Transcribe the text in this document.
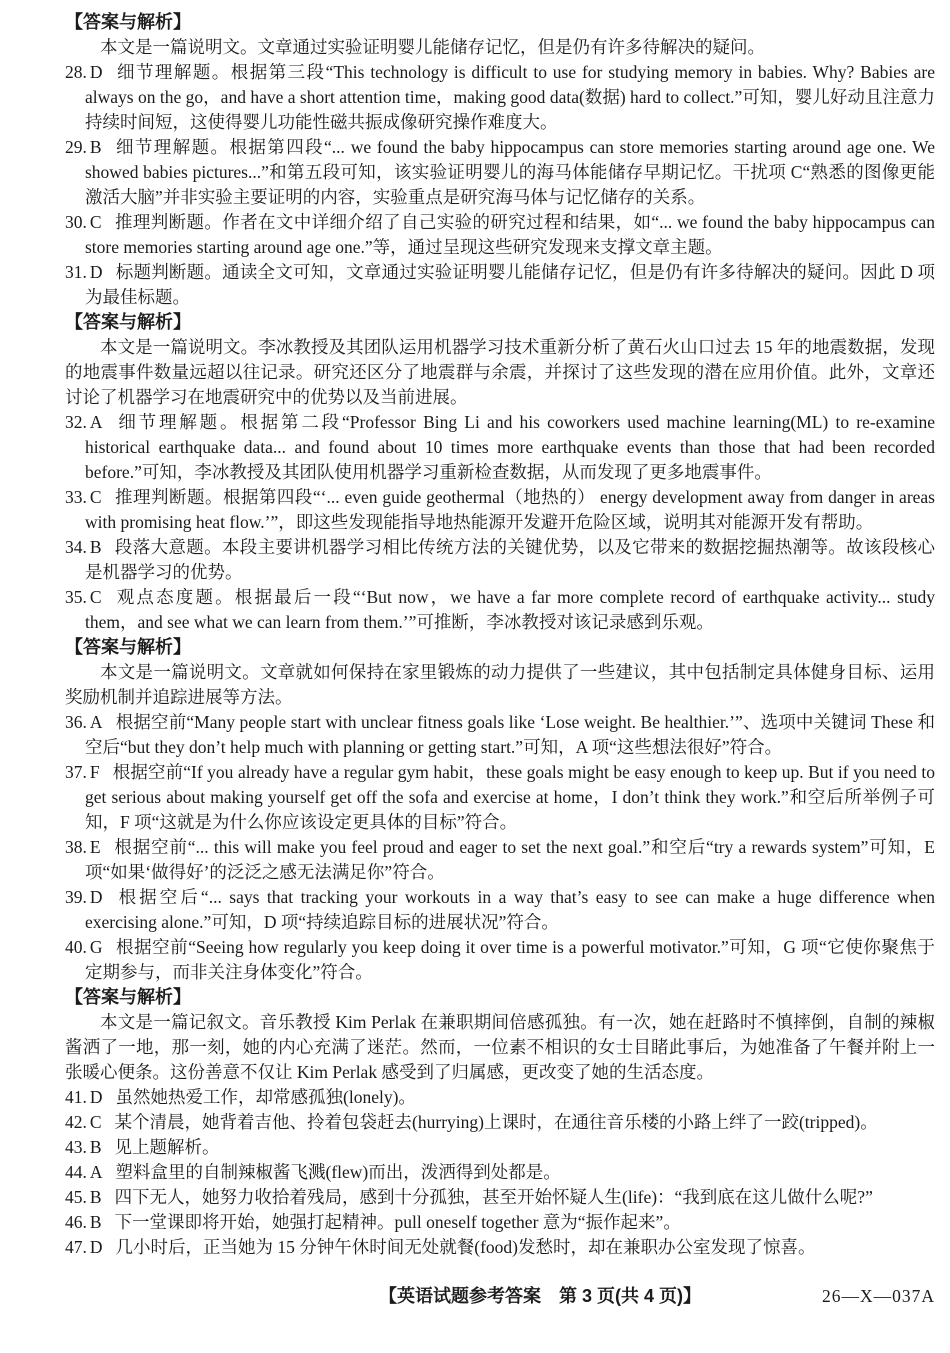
【答案与解析】

本文是一篇说明文。文章通过实验证明婴儿能储存记忆，但是仍有许多待解决的疑问。

28. D 细节理解题。根据第三段“This technology is difficult to use for studying memory in babies. Why? Babies are always on the go，and have a short attention time，making good data(数据) hard to collect.”可知，婴儿好动且注意力持续时间短，这使得婴儿功能性磁共振成像研究操作难度大。

29. B 细节理解题。根据第四段“... we found the baby hippocampus can store memories starting around age one. We showed babies pictures...”和第五段可知，该实验证明婴儿的海马体能储存早期记忆。干扰项 C“熟悉的图像更能激活大脑”并非实验主要证明的内容，实验重点是研究海马体与记忆储存的关系。

30. C 推理判断题。作者在文中详细介绍了自己实验的研究过程和结果，如“... we found the baby hippocampus can store memories starting around age one.”等，通过呈现这些研究发现来支撑文章主题。

31. D 标题判断题。通读全文可知，文章通过实验证明婴儿能储存记忆，但是仍有许多待解决的疑问。因此 D 项为最佳标题。

【答案与解析】

本文是一篇说明文。李冰教授及其团队运用机器学习技术重新分析了黄石火山口过去 15 年的地震数据，发现的地震事件数量远超以往记录。研究还区分了地震群与余震，并探讨了这些发现的潜在应用价值。此外，文章还讨论了机器学习在地震研究中的优势以及当前进展。

32. A 细节理解题。根据第二段“Professor Bing Li and his coworkers used machine learning(ML) to re-examine historical earthquake data... and found about 10 times more earthquake events than those that had been recorded before.”可知，李冰教授及其团队使用机器学习重新检查数据，从而发现了更多地震事件。

33. C 推理判断题。根据第四段“‘... even guide geothermal（地热的） energy development away from danger in areas with promising heat flow.’”，即这些发现能指导地热能源开发避开危险区域，说明其对能源开发有帮助。

34. B 段落大意题。本段主要讲机器学习相比传统方法的关键优势，以及它带来的数据挖掘热潮等。故该段核心是机器学习的优势。

35. C 观点态度题。根据最后一段“‘But now，we have a far more complete record of earthquake activity... study them，and see what we can learn from them.’”可推断，李冰教授对该记录感到乐观。

【答案与解析】

本文是一篇说明文。文章就如何保持在家里锻炼的动力提供了一些建议，其中包括制定具体健身目标、运用奖励机制并追踪进展等方法。

36. A 根据空前“Many people start with unclear fitness goals like ‘Lose weight. Be healthier.’”、选项中关键词 These 和空后“but they don’t help much with planning or getting start.”可知，A 项“这些想法很好”符合。

37. F 根据空前“If you already have a regular gym habit，these goals might be easy enough to keep up. But if you need to get serious about making yourself get off the sofa and exercise at home，I don’t think they work.”和空后所举例子可知，F 项“这就是为什么你应该设定更具体的目标”符合。

38. E 根据空前“... this will make you feel proud and eager to set the next goal.”和空后“try a rewards system”可知，E 项“如果‘做得好’的泛泛之感无法满足你”符合。

39. D 根据空后“... says that tracking your workouts in a way that’s easy to see can make a huge difference when exercising alone.”可知，D 项“持续追踪目标的进展状况”符合。

40. G 根据空前“Seeing how regularly you keep doing it over time is a powerful motivator.”可知，G 项“它使你聚焦于定期参与，而非关注身体变化”符合。

【答案与解析】

本文是一篇记叙文。音乐教授 Kim Perlak 在兼职期间倍感孤独。有一次，她在赶路时不慎摔倒，自制的辣椒酱洒了一地，那一刻，她的内心充满了迷茫。然而，一位素不相识的女士目睹此事后，为她准备了午餐并附上一张暖心便条。这份善意不仅让 Kim Perlak 感受到了归属感，更改变了她的生活态度。

41. D 虽然她热爱工作，却常感孤独(lonely)。

42. C 某个清晨，她背着吉他、拎着包袋赶去(hurrying)上课时，在通往音乐楼的小路上绊了一跤(tripped)。

43. B 见上题解析。

44. A 塑料盒里的自制辣椒酱飞溅(flew)而出，泼洒得到处都是。

45. B 四下无人，她努力收拾着残局，感到十分孤独，甚至开始怀疑人生(life)：“我到底在这儿做什么呢?”

46. B 下一堂课即将开始，她强打起精神。pull oneself together 意为“振作起来”。

47. D 几小时后，正当她为 15 分钟午休时间无处就餐(food)发愁时，却在兼职办公室发现了惊喜。

【英语试题参考答案　第 3 页(共 4 页)】	26—X—037A
